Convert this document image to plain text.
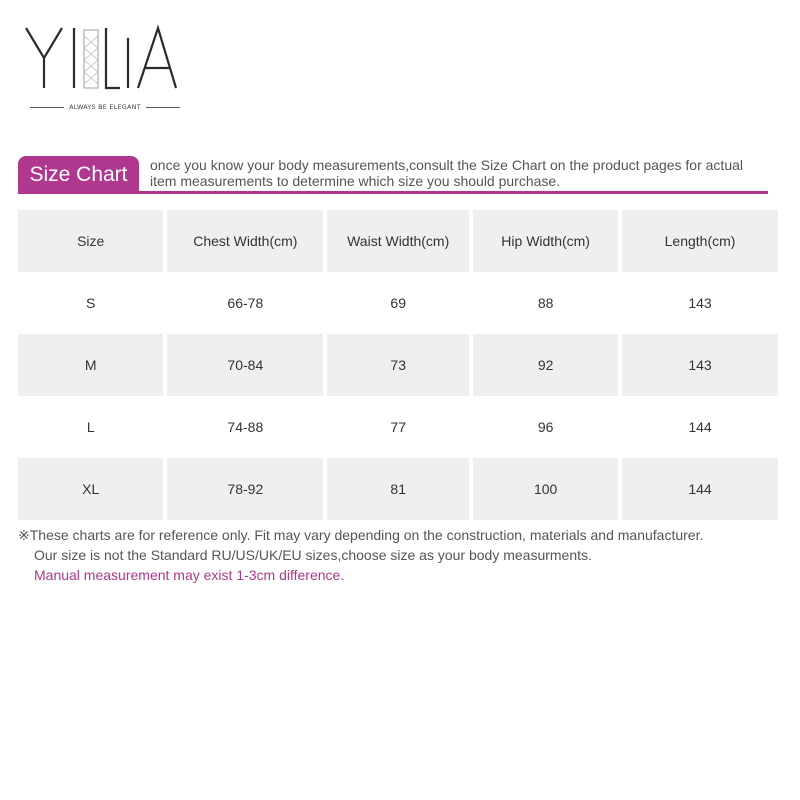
ALWAYS BE ELEGANT
Size Chart	once you know your body measurements,consult the Size Chart on the product pages for actual item measurements to determine which size you should purchase.
Size	Chest Width(cm)	Waist Width(cm)	Hip Width(cm)	Length(cm)
S	66-78	69	88	143
M	70-84	73	92	143
L	74-88	77	96	144
XL	78-92	81	100	144
※These charts are for reference only. Fit may vary depending on the construction, materials and manufacturer.
Our size is not the Standard RU/US/UK/EU sizes,choose size as your body measurments.
Manual measurement may exist 1-3cm difference.
